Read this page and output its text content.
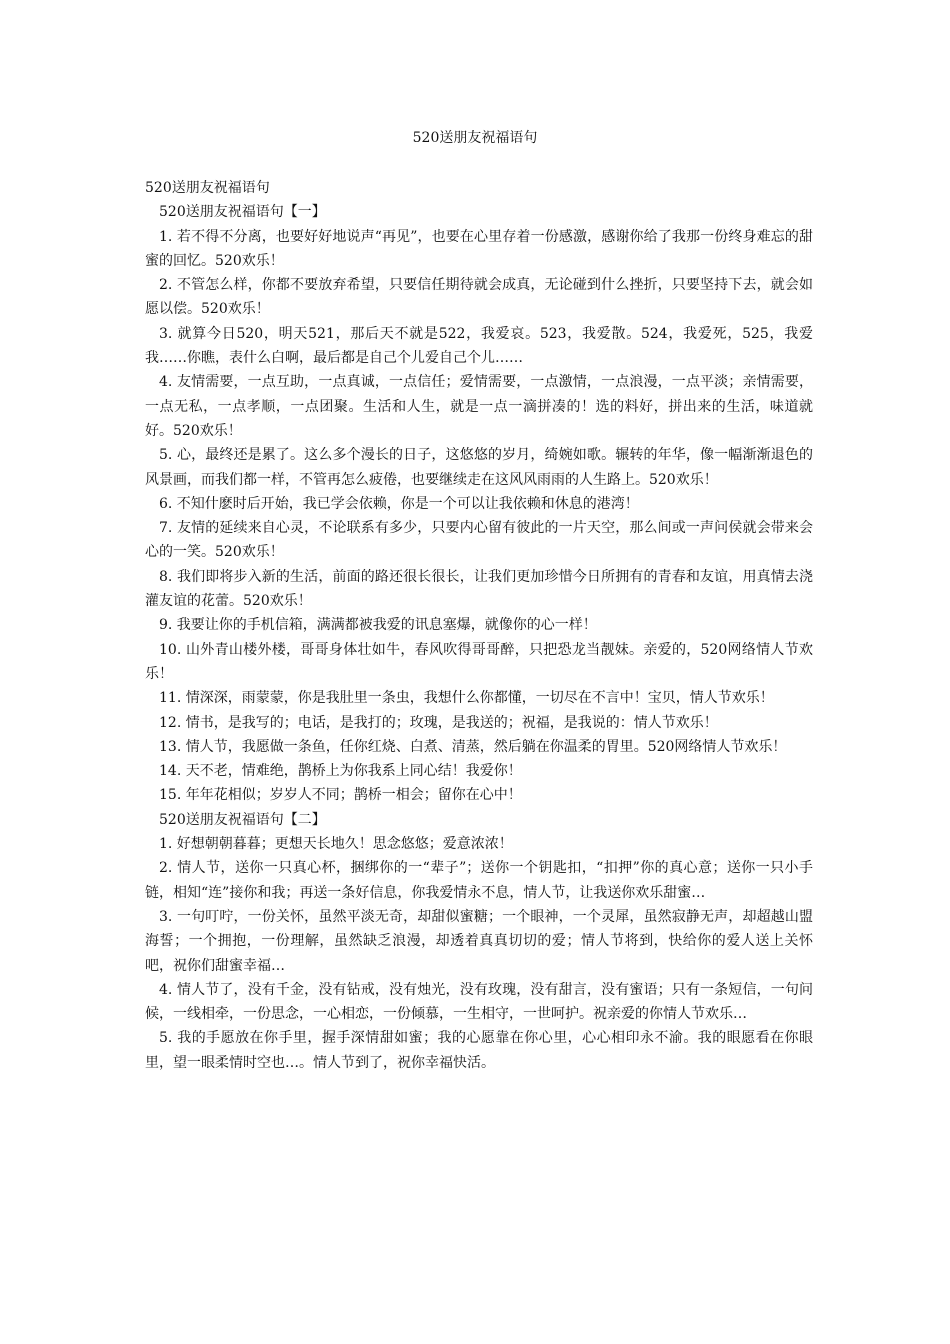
520送朋友祝福语句

520送朋友祝福语句

520送朋友祝福语句【一】

1. 若不得不分离，也要好好地说声“再见”，也要在心里存着一份感激，感谢你给了我那一份终身难忘的甜蜜的回忆。520欢乐！

2. 不管怎么样，你都不要放弃希望，只要信任期待就会成真，无论碰到什么挫折，只要坚持下去，就会如愿以偿。520欢乐！

3. 就算今日520，明天521，那后天不就是522，我爱哀。523，我爱散。524，我爱死，525，我爱我……你瞧，表什么白啊，最后都是自己个儿爱自己个儿……

4. 友情需要，一点互助，一点真诚，一点信任；爱情需要，一点激情，一点浪漫，一点平淡；亲情需要，一点无私，一点孝顺，一点团聚。生活和人生，就是一点一滴拼凑的！选的料好，拼出来的生活，味道就好。520欢乐！

5. 心，最终还是累了。这么多个漫长的日子，这悠悠的岁月，绮婉如歌。辗转的年华，像一幅渐渐退色的风景画，而我们都一样，不管再怎么疲倦，也要继续走在这风风雨雨的人生路上。520欢乐！

6. 不知什麽时后开始，我已学会依赖，你是一个可以让我依赖和休息的港湾！

7. 友情的延续来自心灵，不论联系有多少，只要内心留有彼此的一片天空，那么间或一声问侯就会带来会心的一笑。520欢乐！

8. 我们即将步入新的生活，前面的路还很长很长，让我们更加珍惜今日所拥有的青春和友谊，用真情去浇灌友谊的花蕾。520欢乐！

9. 我要让你的手机信箱，满满都被我爱的讯息塞爆，就像你的心一样！

10. 山外青山楼外楼，哥哥身体壮如牛，春风吹得哥哥醉，只把恐龙当靓妹。亲爱的，520网络情人节欢乐！

11. 情深深，雨蒙蒙，你是我肚里一条虫，我想什么你都懂，一切尽在不言中！宝贝，情人节欢乐！

12. 情书，是我写的；电话，是我打的；玫瑰，是我送的；祝福，是我说的：情人节欢乐！

13. 情人节，我愿做一条鱼，任你红烧、白煮、清蒸，然后躺在你温柔的胃里。520网络情人节欢乐！

14. 天不老，情难绝，鹊桥上为你我系上同心结！我爱你！

15. 年年花相似；岁岁人不同；鹊桥一相会；留你在心中！

520送朋友祝福语句【二】

1. 好想朝朝暮暮；更想天长地久！思念悠悠；爱意浓浓！

2. 情人节，送你一只真心杯，捆绑你的一“辈子”；送你一个钥匙扣，“扣押”你的真心意；送你一只小手链，相知“连”接你和我；再送一条好信息，你我爱情永不息，情人节，让我送你欢乐甜蜜…

3. 一句叮咛，一份关怀，虽然平淡无奇，却甜似蜜糖；一个眼神，一个灵犀，虽然寂静无声，却超越山盟海誓；一个拥抱，一份理解，虽然缺乏浪漫，却透着真真切切的爱；情人节将到，快给你的爱人送上关怀吧，祝你们甜蜜幸福…

4. 情人节了，没有千金，没有钻戒，没有烛光，没有玫瑰，没有甜言，没有蜜语；只有一条短信，一句问候，一线相牵，一份思念，一心相恋，一份倾慕，一生相守，一世呵护。祝亲爱的你情人节欢乐…

5. 我的手愿放在你手里，握手深情甜如蜜；我的心愿靠在你心里，心心相印永不渝。我的眼愿看在你眼里，望一眼柔情时空也…。情人节到了，祝你幸福快活。
